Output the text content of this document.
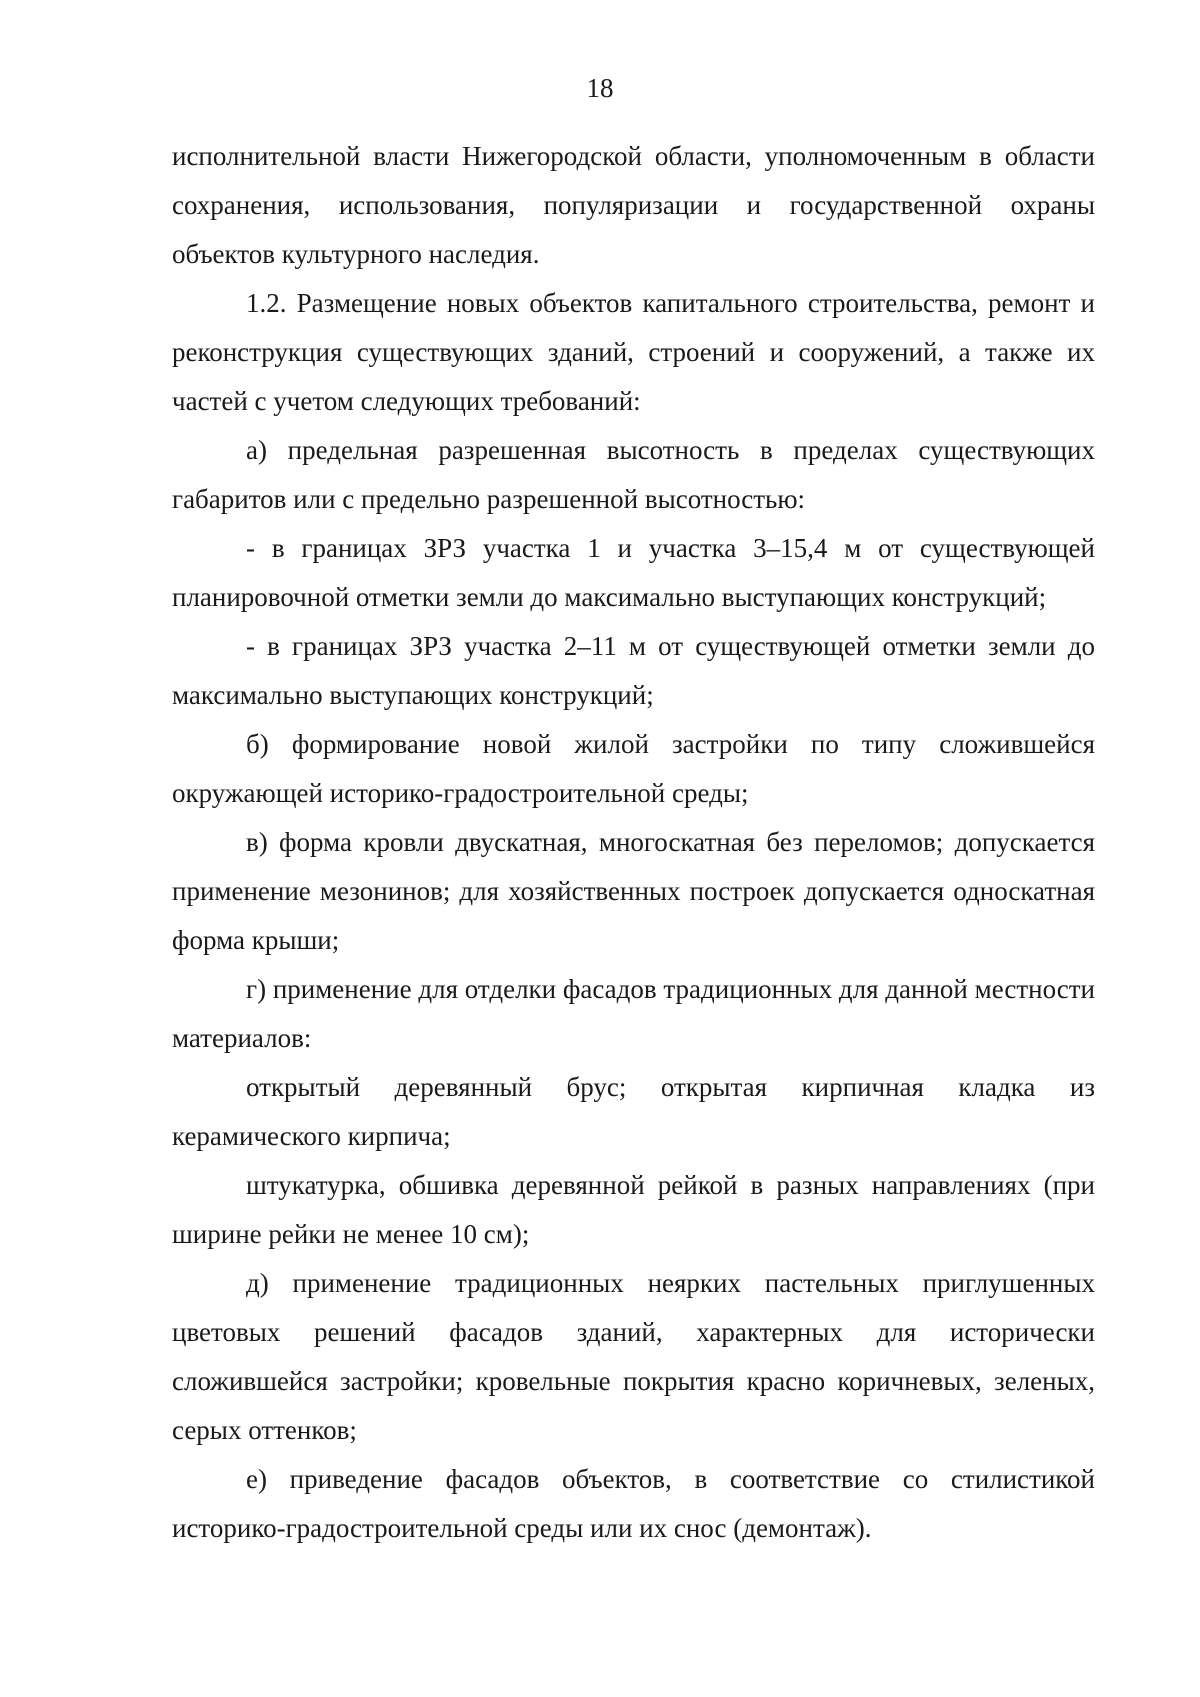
18

исполнительной власти Нижегородской области, уполномоченным в области сохранения, использования, популяризации и государственной охраны объектов культурного наследия.

1.2. Размещение новых объектов капитального строительства, ремонт и реконструкция существующих зданий, строений и сооружений, а также их частей с учетом следующих требований:

а) предельная разрешенная высотность в пределах существующих габаритов или с предельно разрешенной высотностью:

- в границах ЗРЗ участка 1 и участка 3–15,4 м от существующей планировочной отметки земли до максимально выступающих конструкций;

- в границах ЗРЗ участка 2–11 м от существующей отметки земли до максимально выступающих конструкций;

б) формирование новой жилой застройки по типу сложившейся окружающей историко-градостроительной среды;

в) форма кровли двускатная, многоскатная без переломов; допускается применение мезонинов; для хозяйственных построек допускается односкатная форма крыши;

г) применение для отделки фасадов традиционных для данной местности материалов:

открытый деревянный брус; открытая кирпичная кладка из керамического кирпича;

штукатурка, обшивка деревянной рейкой в разных направлениях (при ширине рейки не менее 10 см);

д) применение традиционных неярких пастельных приглушенных цветовых решений фасадов зданий, характерных для исторически сложившейся застройки; кровельные покрытия красно коричневых, зеленых, серых оттенков;

е) приведение фасадов объектов, в соответствие со стилистикой историко-градостроительной среды или их снос (демонтаж).
